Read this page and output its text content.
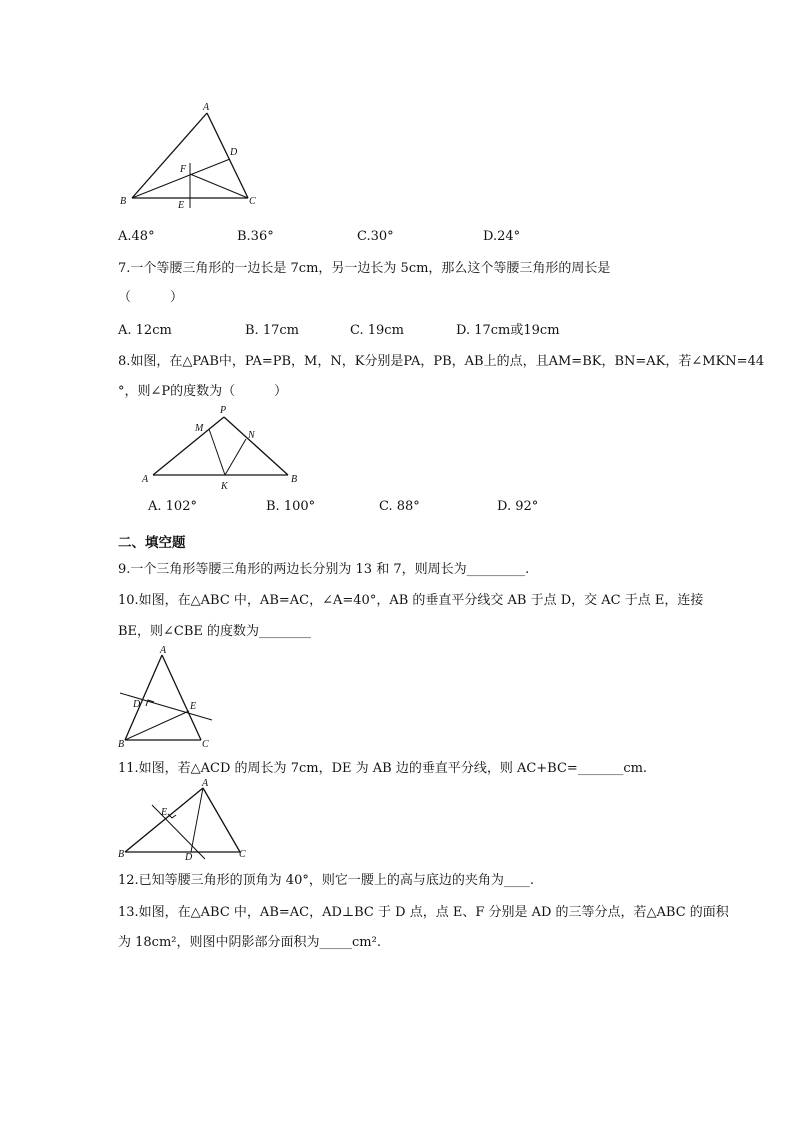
A
B	C
D
E
F
A.48°	B.36°	C.30°	D.24°
7.一个等腰三角形的一边长是 7cm，另一边长为 5cm，那么这个等腰三角形的周长是
（　　　）
A. 12cm	B. 17cm	C. 19cm	D. 17cm或19cm
8.如图，在△PAB中，PA=PB，M，N，K分别是PA，PB，AB上的点，且AM=BK，BN=AK，若∠MKN=44
°，则∠P的度数为（　　　）
P
M
N
A
K
B
A. 102°	B. 100°	C. 88°	D. 92°
二、填空题
9.一个三角形等腰三角形的两边长分别为 13 和 7，则周长为_________.
10.如图，在△ABC 中，AB=AC，∠A=40°，AB 的垂直平分线交 AB 于点 D，交 AC 于点 E，连接
BE，则∠CBE 的度数为________
A
D	E
B	C
11.如图，若△ACD 的周长为 7cm，DE 为 AB 边的垂直平分线，则 AC+BC=_______cm.
A
E
B	D	C
12.已知等腰三角形的顶角为 40°，则它一腰上的高与底边的夹角为____.
13.如图，在△ABC 中，AB=AC，AD⊥BC 于 D 点，点 E、F 分别是 AD 的三等分点，若△ABC 的面积
为 18cm²，则图中阴影部分面积为_____cm².
